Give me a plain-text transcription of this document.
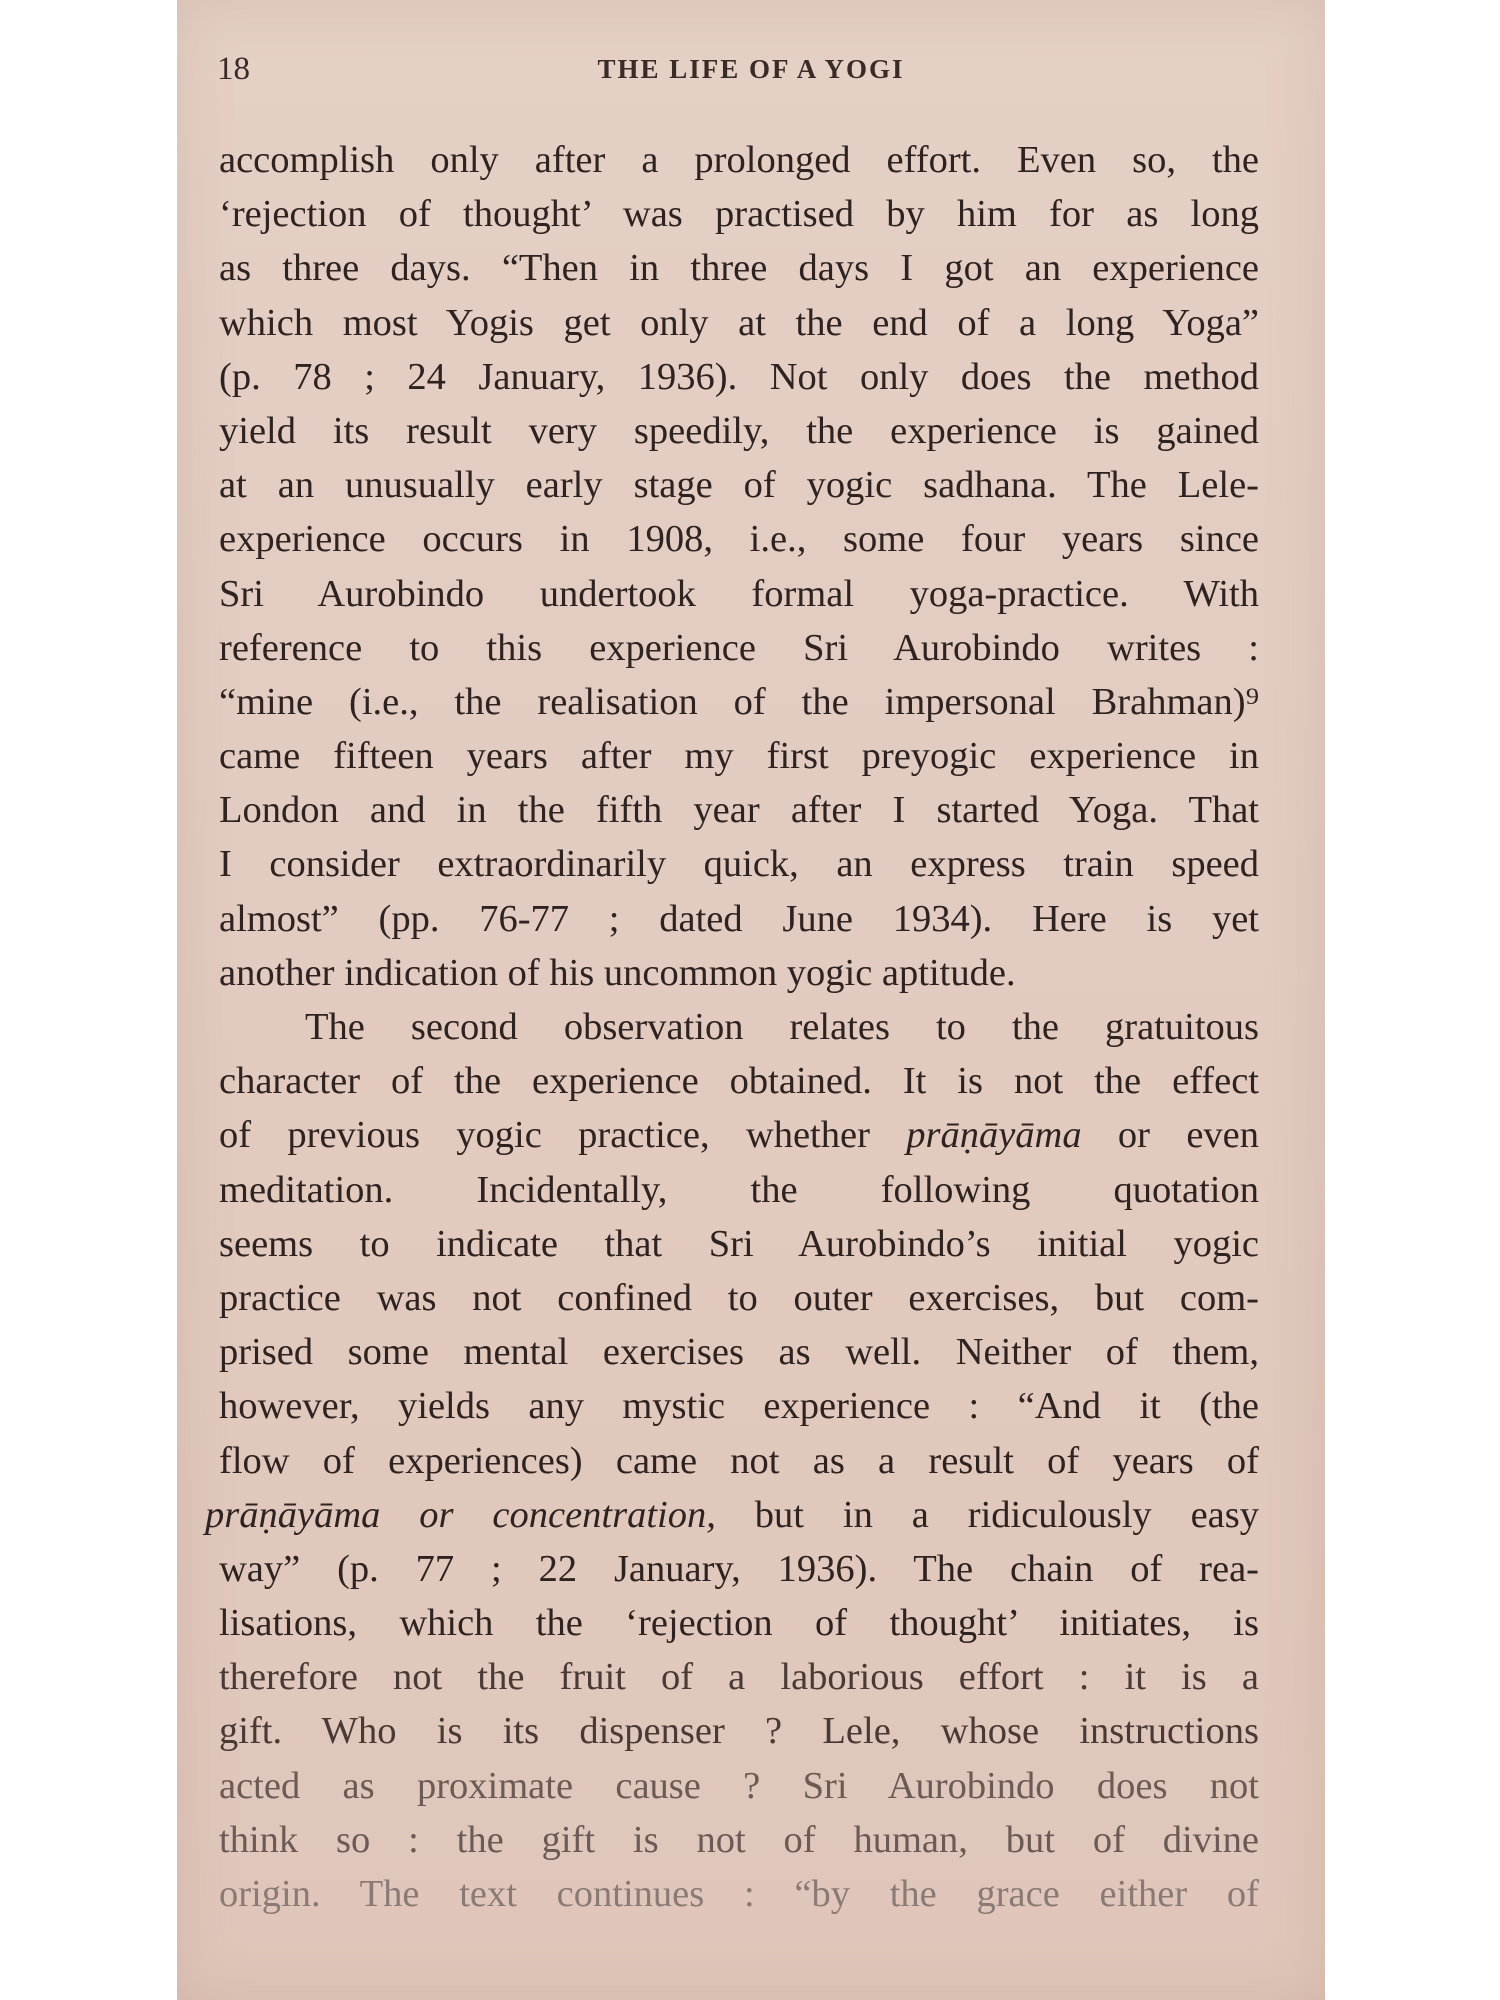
18	THE LIFE OF A YOGI
accomplish only after a prolonged effort. Even so, the
‘rejection of thought’ was practised by him for as long
as three days. “Then in three days I got an experience
which most Yogis get only at the end of a long Yoga”
(p. 78 ; 24 January, 1936). Not only does the method
yield its result very speedily, the experience is gained
at an unusually early stage of yogic sadhana. The Lele-
experience occurs in 1908, i.e., some four years since
Sri Aurobindo undertook formal yoga-practice. With
reference to this experience Sri Aurobindo writes :
“mine (i.e., the realisation of the impersonal Brahman)⁹
came fifteen years after my first preyogic experience in
London and in the fifth year after I started Yoga. That
I consider extraordinarily quick, an express train speed
almost” (pp. 76-77 ; dated June 1934). Here is yet
another indication of his uncommon yogic aptitude.
The second observation relates to the gratuitous
character of the experience obtained. It is not the effect
of previous yogic practice, whether prāṇāyāma or even
meditation. Incidentally, the following quotation
seems to indicate that Sri Aurobindo’s initial yogic
practice was not confined to outer exercises, but com-
prised some mental exercises as well. Neither of them,
however, yields any mystic experience : “And it (the
flow of experiences) came not as a result of years of
prāṇāyāma or concentration, but in a ridiculously easy
way” (p. 77 ; 22 January, 1936). The chain of rea-
lisations, which the ‘rejection of thought’ initiates, is
therefore not the fruit of a laborious effort : it is a
gift. Who is its dispenser ? Lele, whose instructions
acted as proximate cause ? Sri Aurobindo does not
think so : the gift is not of human, but of divine
origin. The text continues : “by the grace either of
